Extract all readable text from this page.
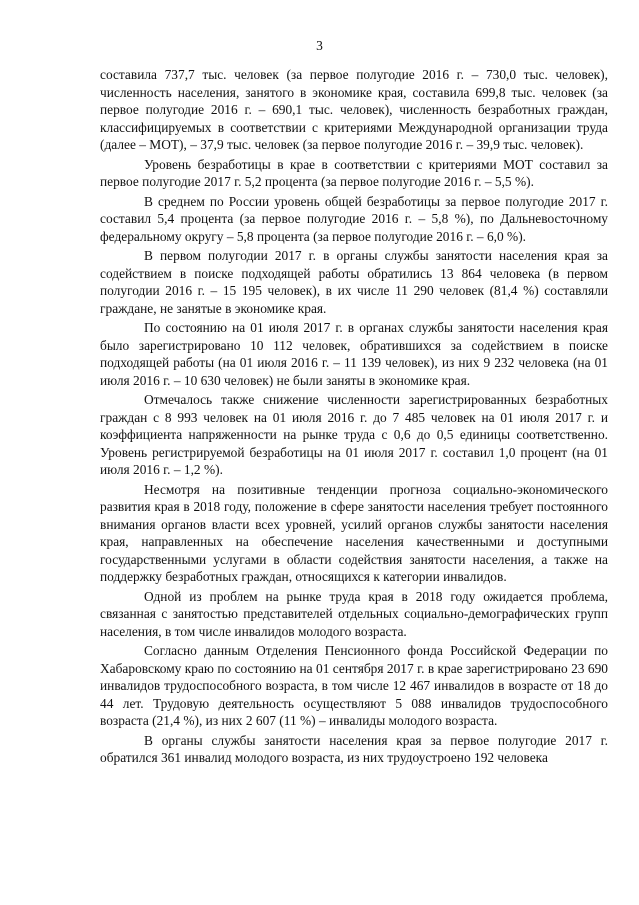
3

составила 737,7 тыс. человек (за первое полугодие 2016 г. – 730,0 тыс. человек), численность населения, занятого в экономике края, составила 699,8 тыс. человек (за первое полугодие 2016 г. – 690,1 тыс. человек), численность безработных граждан, классифицируемых в соответствии с критериями Международной организации труда (далее – МОТ), – 37,9 тыс. человек (за первое полугодие 2016 г. – 39,9 тыс. человек).

Уровень безработицы в крае в соответствии с критериями МОТ составил за первое полугодие 2017 г. 5,2 процента (за первое полугодие 2016 г. – 5,5 %).

В среднем по России уровень общей безработицы за первое полугодие 2017 г. составил 5,4 процента (за первое полугодие 2016 г. – 5,8 %), по Дальневосточному федеральному округу – 5,8 процента (за первое полугодие 2016 г. – 6,0 %).

В первом полугодии 2017 г. в органы службы занятости населения края за содействием в поиске подходящей работы обратились 13 864 человека (в первом полугодии 2016 г. – 15 195 человек), в их числе 11 290 человек (81,4 %) составляли граждане, не занятые в экономике края.

По состоянию на 01 июля 2017 г. в органах службы занятости населения края было зарегистрировано 10 112 человек, обратившихся за содействием в поиске подходящей работы (на 01 июля 2016 г. – 11 139 человек), из них 9 232 человека (на 01 июля 2016 г. – 10 630 человек) не были заняты в экономике края.

Отмечалось также снижение численности зарегистрированных безработных граждан с 8 993 человек на 01 июля 2016 г. до 7 485 человек на 01 июля 2017 г. и коэффициента напряженности на рынке труда с 0,6 до 0,5 единицы соответственно. Уровень регистрируемой безработицы на 01 июля 2017 г. составил 1,0 процент (на 01 июля 2016 г. – 1,2 %).

Несмотря на позитивные тенденции прогноза социально-экономического развития края в 2018 году, положение в сфере занятости населения требует постоянного внимания органов власти всех уровней, усилий органов службы занятости населения края, направленных на обеспечение населения качественными и доступными государственными услугами в области содействия занятости населения, а также на поддержку безработных граждан, относящихся к категории инвалидов.

Одной из проблем на рынке труда края в 2018 году ожидается проблема, связанная с занятостью представителей отдельных социально-демографических групп населения, в том числе инвалидов молодого возраста.

Согласно данным Отделения Пенсионного фонда Российской Федерации по Хабаровскому краю по состоянию на 01 сентября 2017 г. в крае зарегистрировано 23 690 инвалидов трудоспособного возраста, в том числе 12 467 инвалидов в возрасте от 18 до 44 лет. Трудовую деятельность осуществляют 5 088 инвалидов трудоспособного возраста (21,4 %), из них 2 607 (11 %) – инвалиды молодого возраста.

В органы службы занятости населения края за первое полугодие 2017 г. обратился 361 инвалид молодого возраста, из них трудоустроено 192 человека
